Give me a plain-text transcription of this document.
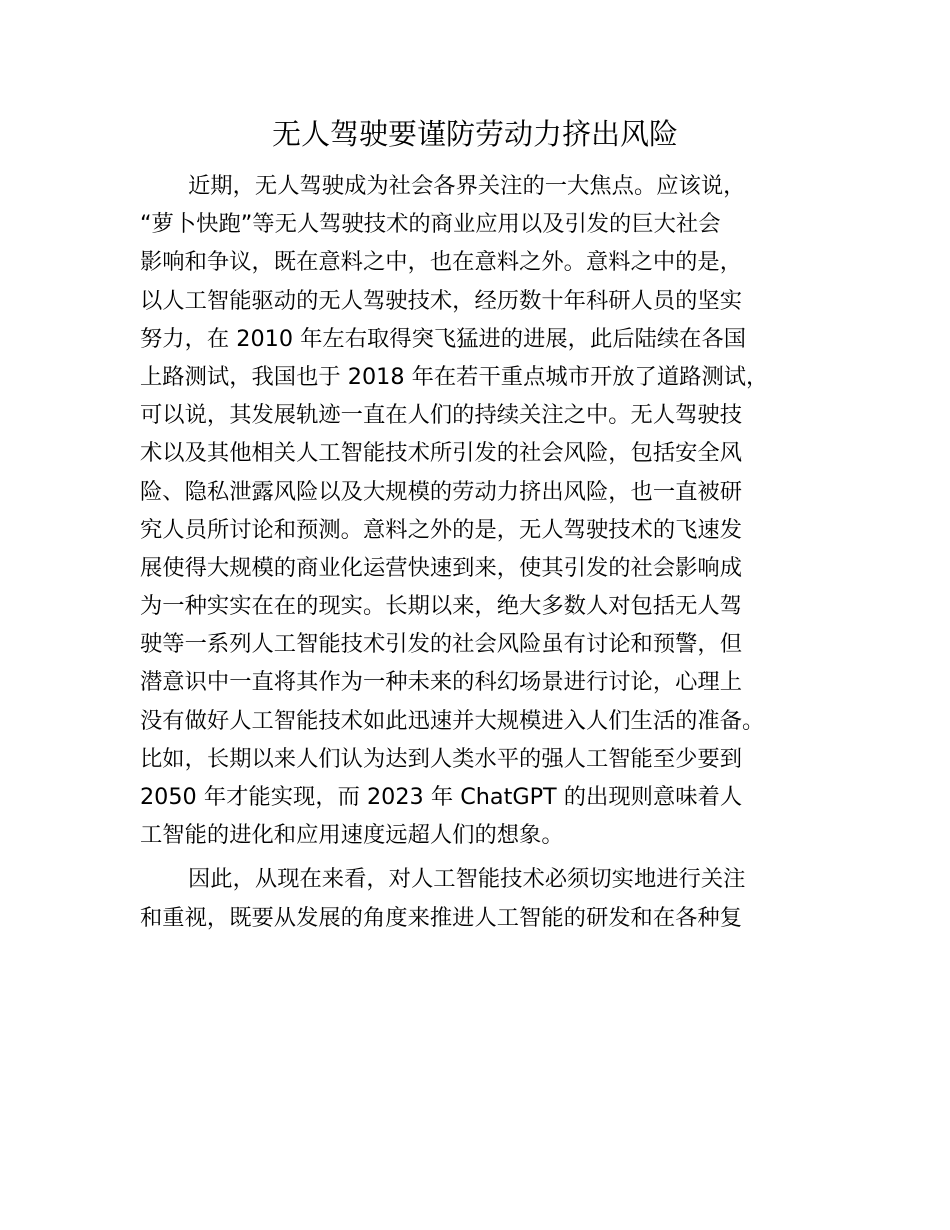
无人驾驶要谨防劳动力挤出风险
近期，无人驾驶成为社会各界关注的一大焦点。应该说，
“萝卜快跑”等无人驾驶技术的商业应用以及引发的巨大社会
影响和争议，既在意料之中，也在意料之外。意料之中的是，
以人工智能驱动的无人驾驶技术，经历数十年科研人员的坚实
努力，在 2010 年左右取得突飞猛进的进展，此后陆续在各国
上路测试，我国也于 2018 年在若干重点城市开放了道路测试，
可以说，其发展轨迹一直在人们的持续关注之中。无人驾驶技
术以及其他相关人工智能技术所引发的社会风险，包括安全风
险、隐私泄露风险以及大规模的劳动力挤出风险，也一直被研
究人员所讨论和预测。意料之外的是，无人驾驶技术的飞速发
展使得大规模的商业化运营快速到来，使其引发的社会影响成
为一种实实在在的现实。长期以来，绝大多数人对包括无人驾
驶等一系列人工智能技术引发的社会风险虽有讨论和预警，但
潜意识中一直将其作为一种未来的科幻场景进行讨论，心理上
没有做好人工智能技术如此迅速并大规模进入人们生活的准备。
比如，长期以来人们认为达到人类水平的强人工智能至少要到
2050 年才能实现，而 2023 年 ChatGPT 的出现则意味着人
工智能的进化和应用速度远超人们的想象。
因此，从现在来看，对人工智能技术必须切实地进行关注
和重视，既要从发展的角度来推进人工智能的研发和在各种复
